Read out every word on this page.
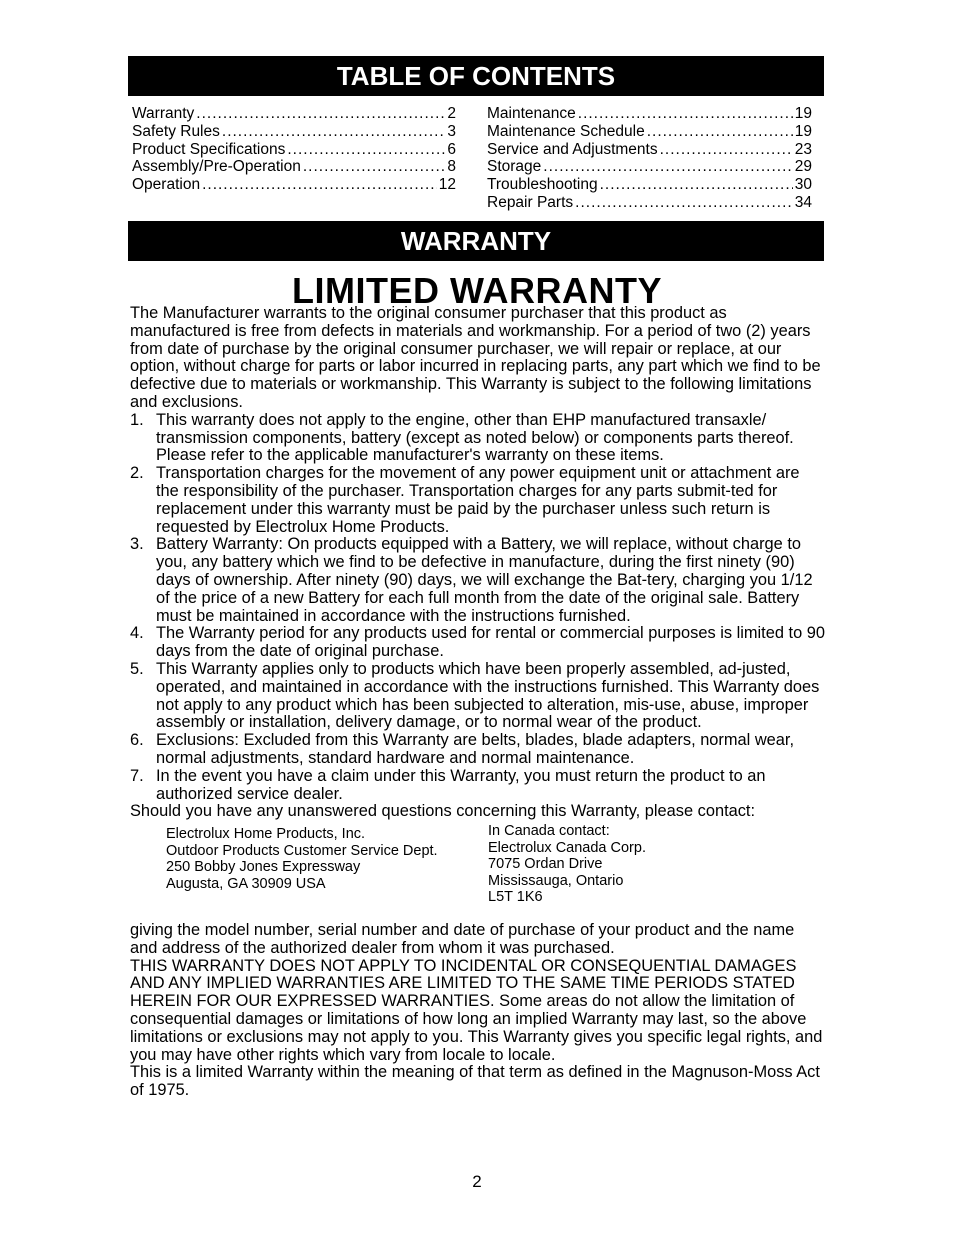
TABLE OF CONTENTS
Warranty .....	2
Safety Rules .....	3
Product Specifications .....	6
Assembly/Pre-Operation .....	8
Operation .....	12
Maintenance .....	19
Maintenance Schedule .....	19
Service and Adjustments .....	23
Storage .....	29
Troubleshooting .....	30
Repair Parts .....	34
WARRANTY
LIMITED WARRANTY

The Manufacturer warrants to the original consumer purchaser that this product as manufactured is free from defects in materials and workmanship. For a period of two (2) years from date of purchase by the original consumer purchaser, we will repair or replace, at our option, without charge for parts or labor incurred in replacing parts, any part which we find to be defective due to materials or workmanship. This Warranty is subject to the following limitations and exclusions.

1. This warranty does not apply to the engine, other than EHP manufactured transaxle/ transmission components, battery (except as noted below) or components parts thereof. Please refer to the applicable manufacturer's warranty on these items.
2. Transportation charges for the movement of any power equipment unit or attachment are the responsibility of the purchaser. Transportation charges for any parts submit-ted for replacement under this warranty must be paid by the purchaser unless such return is requested by Electrolux Home Products.
3. Battery Warranty: On products equipped with a Battery, we will replace, without charge to you, any battery which we find to be defective in manufacture, during the first ninety (90) days of ownership. After ninety (90) days, we will exchange the Bat-tery, charging you 1/12 of the price of a new Battery for each full month from the date of the original sale. Battery must be maintained in accordance with the instructions furnished.
4. The Warranty period for any products used for rental or commercial purposes is limited to 90 days from the date of original purchase.
5. This Warranty applies only to products which have been properly assembled, ad-justed, operated, and maintained in accordance with the instructions furnished. This Warranty does not apply to any product which has been subjected to alteration, mis-use, abuse, improper assembly or installation, delivery damage, or to normal wear of the product.
6. Exclusions: Excluded from this Warranty are belts, blades, blade adapters, normal wear, normal adjustments, standard hardware and normal maintenance.
7. In the event you have a claim under this Warranty, you must return the product to an authorized service dealer.

Should you have any unanswered questions concerning this Warranty, please contact:

Electrolux Home Products, Inc.
Outdoor Products Customer Service Dept.
250 Bobby Jones Expressway
Augusta, GA 30909 USA
In Canada contact:
Electrolux Canada Corp.
7075 Ordan Drive
Mississauga, Ontario
L5T 1K6

giving the model number, serial number and date of purchase of your product and the name and address of the authorized dealer from whom it was purchased.

THIS WARRANTY DOES NOT APPLY TO INCIDENTAL OR CONSEQUENTIAL DAMAGES AND ANY IMPLIED WARRANTIES ARE LIMITED TO THE SAME TIME PERIODS STATED HEREIN FOR OUR EXPRESSED WARRANTIES. Some areas do not allow the limitation of consequential damages or limitations of how long an implied Warranty may last, so the above limitations or exclusions may not apply to you. This Warranty gives you specific legal rights, and you may have other rights which vary from locale to locale.

This is a limited Warranty within the meaning of that term as defined in the Magnuson-Moss Act of 1975.

2
